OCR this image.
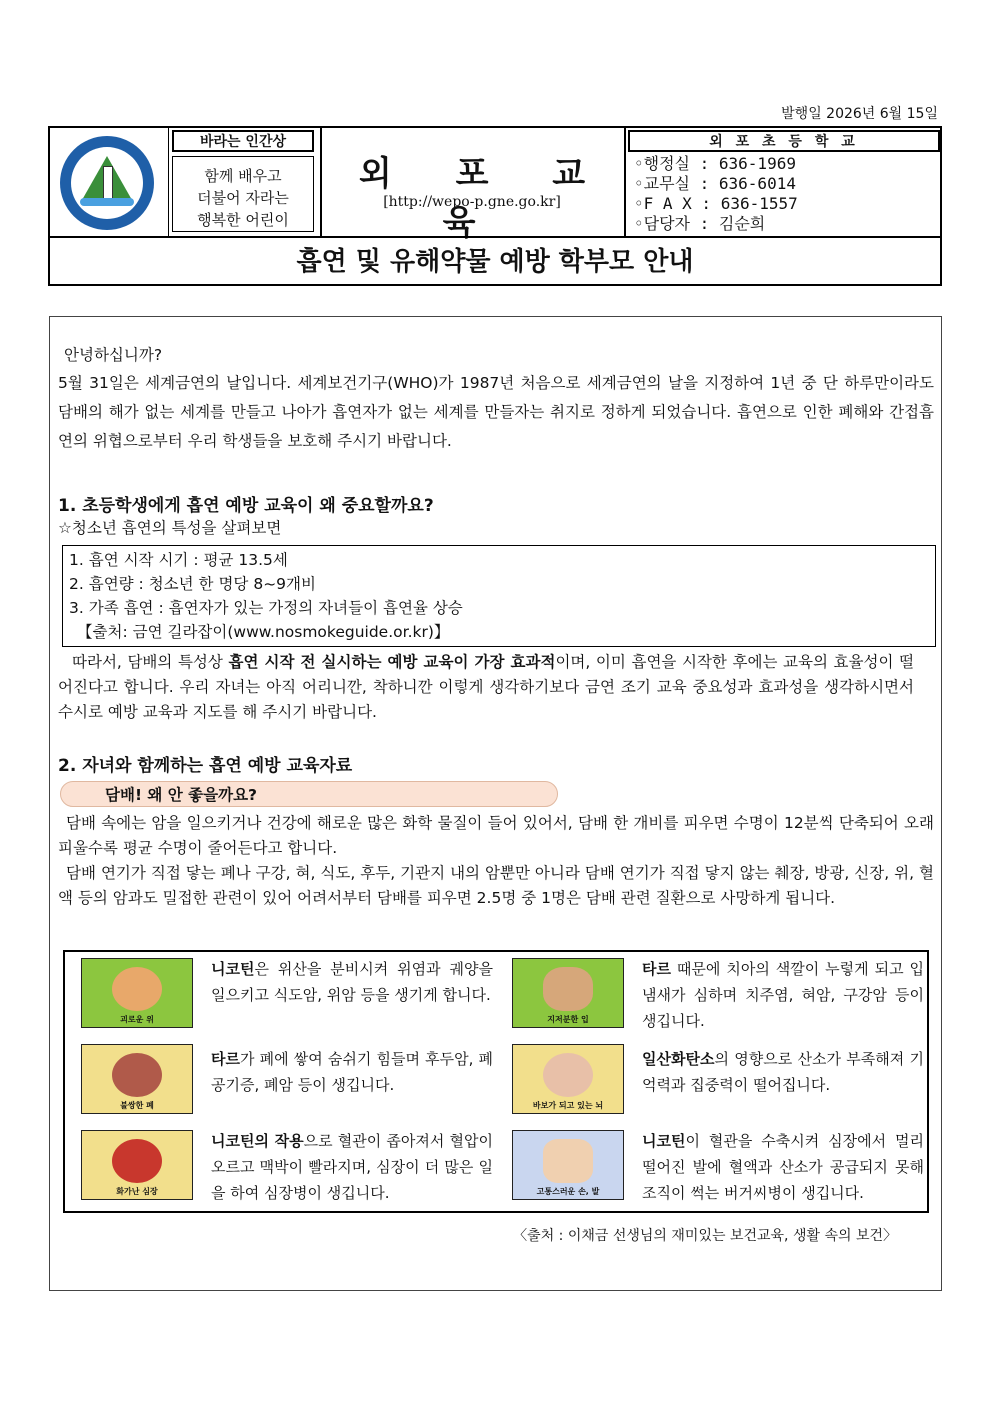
발행일 2026년 6월 15일
바라는 인간상
함께 배우고
더불어 자라는
행복한 어린이
외 포 교 육
[http://wepo-p.gne.go.kr]
외 포 초 등 학 교
◦행정실 : 636-1969
◦교무실 : 636-6014
◦F A X : 636-1557
◦담당자 : 김순희
흡연 및 유해약물 예방 학부모 안내
안녕하십니까?
5월 31일은 세계금연의 날입니다. 세계보건기구(WHO)가 1987년 처음으로 세계금연의 날을 지정하여 1년 중 단 하루만이라도 담배의 해가 없는 세계를 만들고 나아가 흡연자가 없는 세계를 만들자는 취지로 정하게 되었습니다. 흡연으로 인한 폐해와 간접흡연의 위협으로부터 우리 학생들을 보호해 주시기 바랍니다.
1. 초등학생에게 흡연 예방 교육이 왜 중요할까요?
☆청소년 흡연의 특성을 살펴보면
1. 흡연 시작 시기 : 평균 13.5세
2. 흡연량 : 청소년 한 명당 8~9개비
3. 가족 흡연 : 흡연자가 있는 가정의 자녀들이 흡연율 상승
【출처: 금연 길라잡이(www.nosmokeguide.or.kr)】
따라서, 담배의 특성상 흡연 시작 전 실시하는 예방 교육이 가장 효과적이며, 이미 흡연을 시작한 후에는 교육의 효율성이 떨어진다고 합니다. 우리 자녀는 아직 어리니깐, 착하니깐 이렇게 생각하기보다 금연 조기 교육 중요성과 효과성을 생각하시면서 수시로 예방 교육과 지도를 해 주시기 바랍니다.
2. 자녀와 함께하는 흡연 예방 교육자료
담배! 왜 안 좋을까요?
담배 속에는 암을 일으키거나 건강에 해로운 많은 화학 물질이 들어 있어서, 담배 한 개비를 피우면 수명이 12분씩 단축되어 오래 피울수록 평균 수명이 줄어든다고 합니다.
담배 연기가 직접 닿는 폐나 구강, 혀, 식도, 후두, 기관지 내의 암뿐만 아니라 담배 연기가 직접 닿지 않는 췌장, 방광, 신장, 위, 혈액 등의 암과도 밀접한 관련이 있어 어려서부터 담배를 피우면 2.5명 중 1명은 담배 관련 질환으로 사망하게 됩니다.
괴로운 위
니코틴은 위산을 분비시켜 위염과 궤양을 일으키고 식도암, 위암 등을 생기게 합니다.
지저분한 입
타르 때문에 치아의 색깔이 누렇게 되고 입 냄새가 심하며 치주염, 혀암, 구강암 등이 생깁니다.
불쌍한 폐
타르가 폐에 쌓여 숨쉬기 힘들며 후두암, 폐 공기증, 폐암 등이 생깁니다.
바보가 되고 있는 뇌
일산화탄소의 영향으로 산소가 부족해져 기억력과 집중력이 떨어집니다.
화가난 심장
니코틴의 작용으로 혈관이 좁아져서 혈압이 오르고 맥박이 빨라지며, 심장이 더 많은 일을 하여 심장병이 생깁니다.	고통스러운 손, 발
니코틴이 혈관을 수축시켜 심장에서 멀리 떨어진 발에 혈액과 산소가 공급되지 못해 조직이 썩는 버거씨병이 생깁니다.
〈출처 : 이채금 선생님의 재미있는 보건교육, 생활 속의 보건〉
